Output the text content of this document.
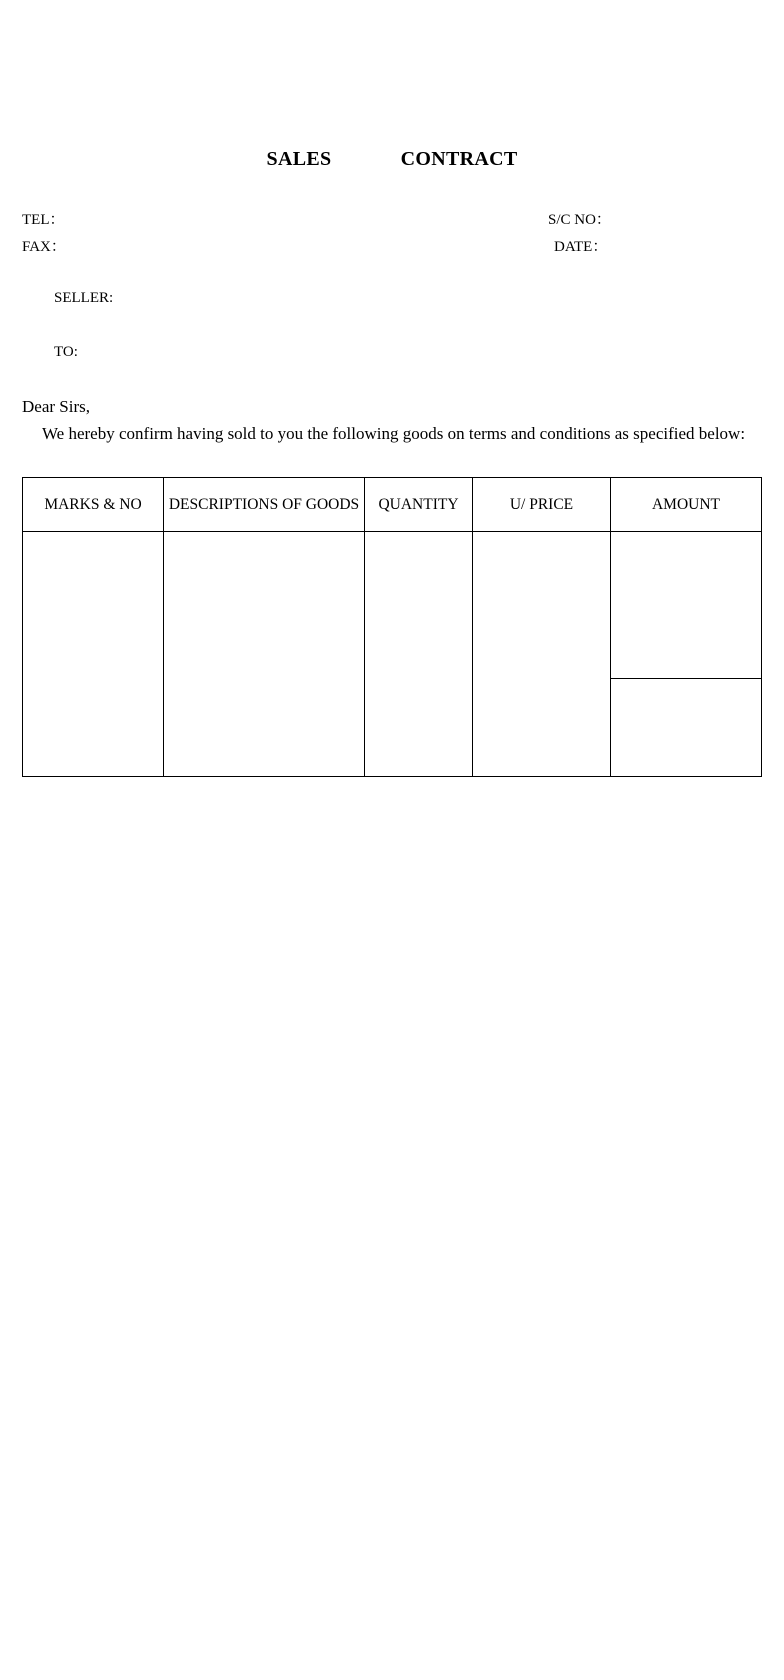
SALES    CONTRACT
TEL：	S/C NO：
FAX：	DATE：
SELLER:
TO:
Dear Sirs,
We hereby confirm having sold to you the following goods on terms and conditions as specified below:
MARKS & NO	DESCRIPTIONS OF GOODS	QUANTITY	U/ PRICE	AMOUNT
